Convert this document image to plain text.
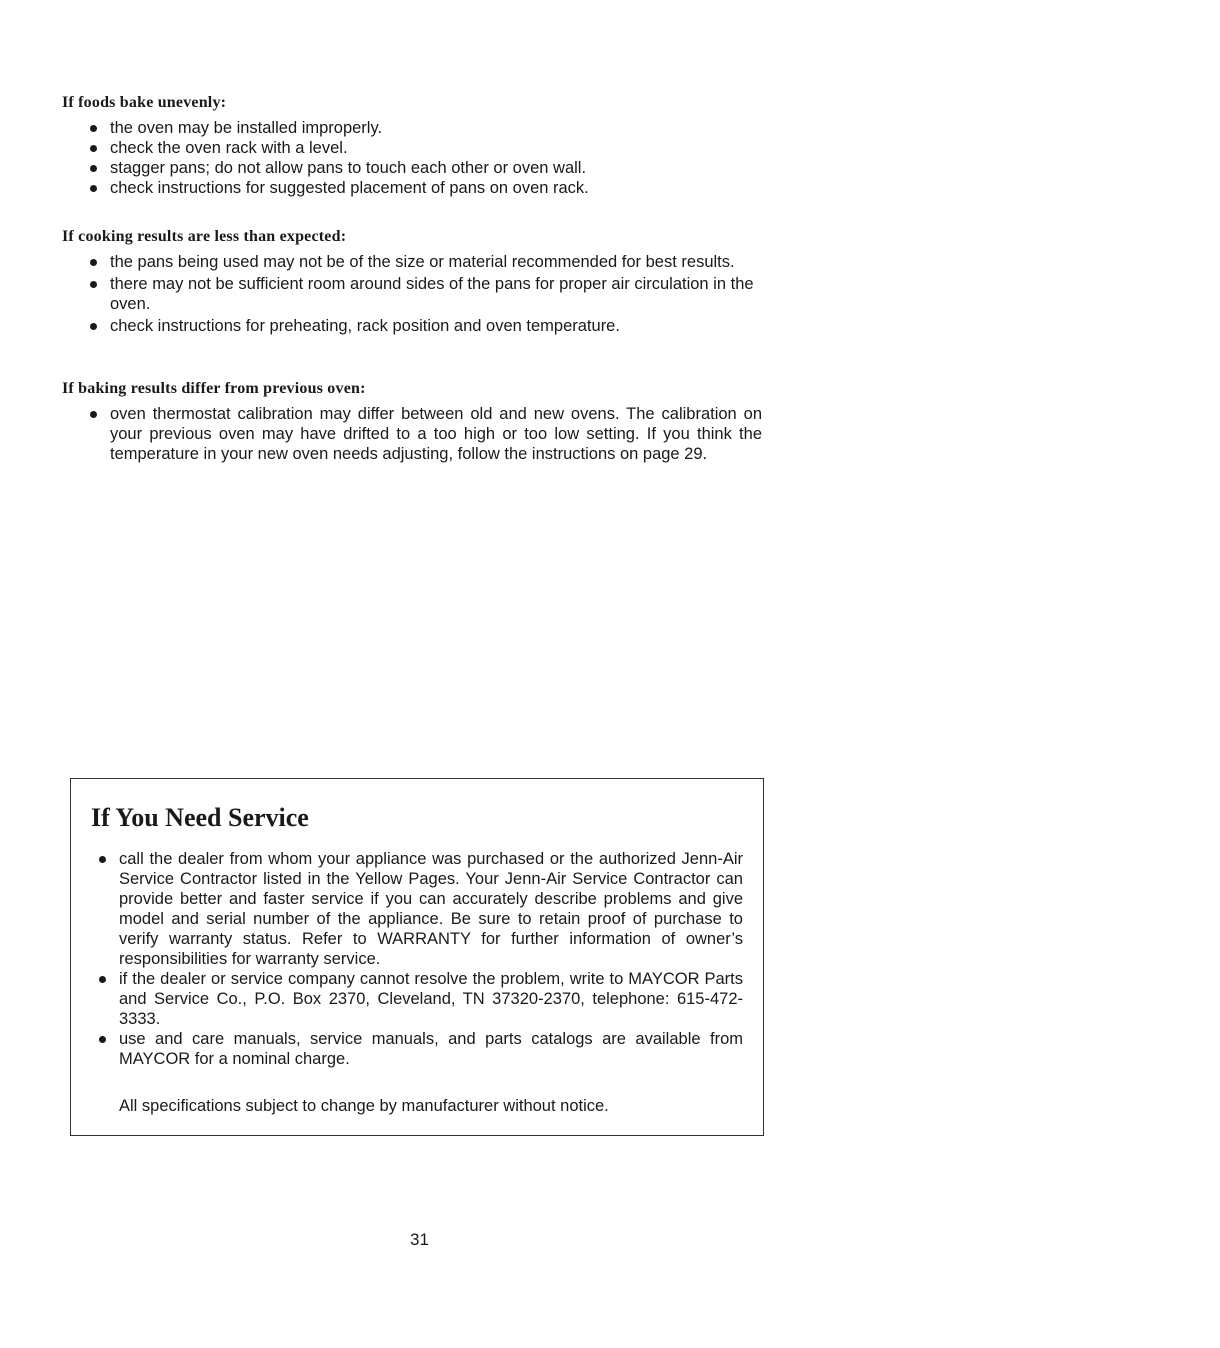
If foods bake unevenly:
the oven may be installed improperly.
check the oven rack with a level.
stagger pans; do not allow pans to touch each other or oven wall.
check instructions for suggested placement of pans on oven rack.
If cooking results are less than expected:
the pans being used may not be of the size or material recommended for best results.
there may not be sufficient room around sides of the pans for proper air circulation in the oven.
check instructions for preheating, rack position and oven temperature.
If baking results differ from previous oven:
oven thermostat calibration may differ between old and new ovens. The calibration on your previous oven may have drifted to a too high or too low setting. If you think the temperature in your new oven needs adjusting, follow the instructions on page 29.
If You Need Service
call the dealer from whom your appliance was purchased or the authorized Jenn-Air Service Contractor listed in the Yellow Pages. Your Jenn-Air Service Contractor can provide better and faster service if you can accurately describe problems and give model and serial number of the appliance. Be sure to retain proof of purchase to verify warranty status. Refer to WARRANTY for further information of owner’s responsibilities for warranty service.
if the dealer or service company cannot resolve the problem, write to MAYCOR Parts and Service Co., P.O. Box 2370, Cleveland, TN 37320-2370, telephone: 615-472-3333.
use and care manuals, service manuals, and parts catalogs are available from MAYCOR for a nominal charge.

All specifications subject to change by manufacturer without notice.

31
